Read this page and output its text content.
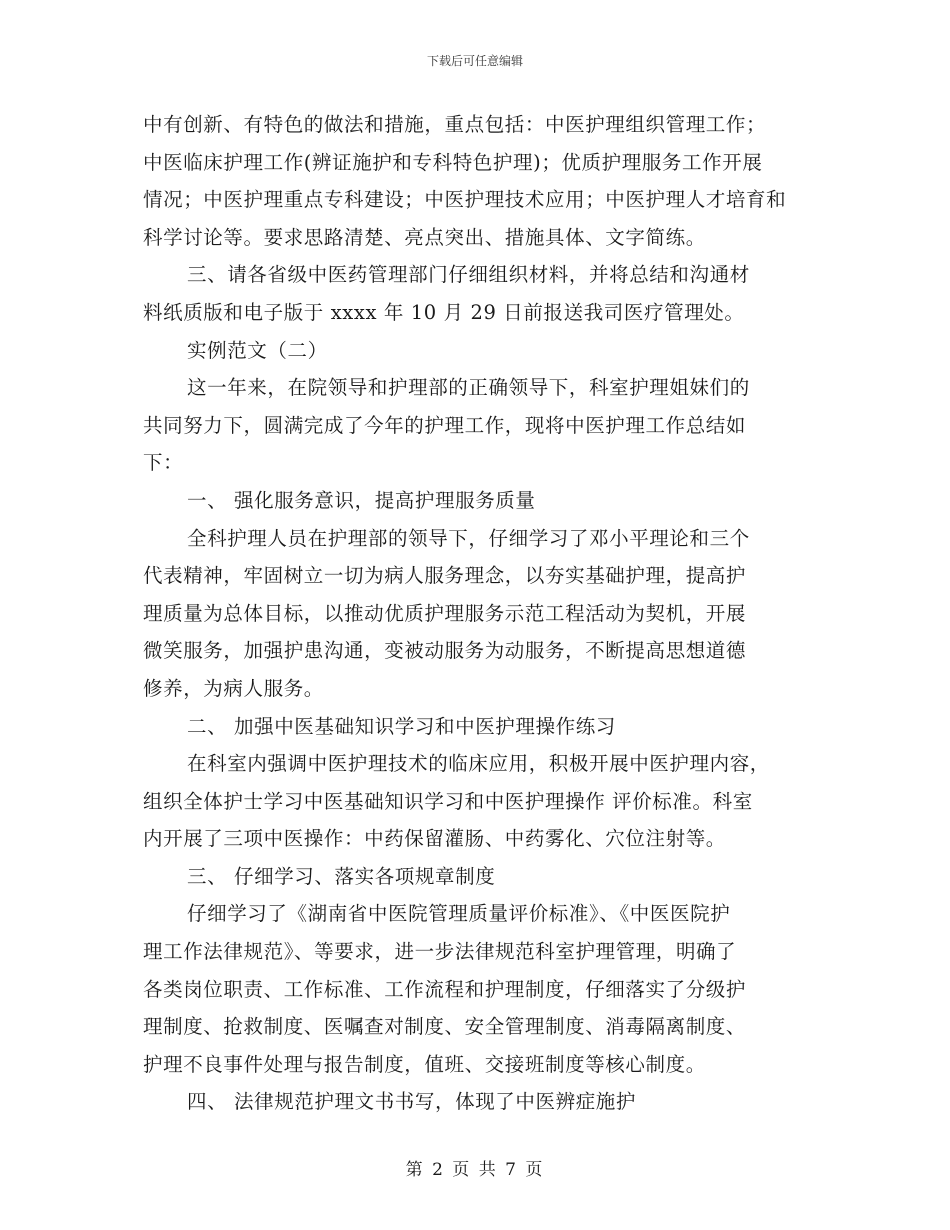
下载后可任意编辑
中有创新、有特色的做法和措施，重点包括：中医护理组织管理工作；
中医临床护理工作(辨证施护和专科特色护理)；优质护理服务工作开展
情况；中医护理重点专科建设；中医护理技术应用；中医护理人才培育和
科学讨论等。要求思路清楚、亮点突出、措施具体、文字简练。
三、请各省级中医药管理部门仔细组织材料，并将总结和沟通材
料纸质版和电子版于 xxxx 年 10 月 29 日前报送我司医疗管理处。
实例范文（二）
这一年来，在院领导和护理部的正确领导下，科室护理姐妹们的
共同努力下，圆满完成了今年的护理工作，现将中医护理工作总结如
下：
一、 强化服务意识，提高护理服务质量
全科护理人员在护理部的领导下，仔细学习了邓小平理论和三个
代表精神，牢固树立一切为病人服务理念，以夯实基础护理，提高护
理质量为总体目标，以推动优质护理服务示范工程活动为契机，开展
微笑服务，加强护患沟通，变被动服务为动服务，不断提高思想道德
修养，为病人服务。
二、 加强中医基础知识学习和中医护理操作练习
在科室内强调中医护理技术的临床应用，积极开展中医护理内容，
组织全体护士学习中医基础知识学习和中医护理操作 评价标准。科室
内开展了三项中医操作：中药保留灌肠、中药雾化、穴位注射等。
三、 仔细学习、落实各项规章制度
仔细学习了《湖南省中医院管理质量评价标准》、《中医医院护
理工作法律规范》、等要求，进一步法律规范科室护理管理，明确了
各类岗位职责、工作标准、工作流程和护理制度，仔细落实了分级护
理制度、抢救制度、医嘱查对制度、安全管理制度、消毒隔离制度、
护理不良事件处理与报告制度，值班、交接班制度等核心制度。
四、 法律规范护理文书书写，体现了中医辨症施护
第 2 页 共 7 页
